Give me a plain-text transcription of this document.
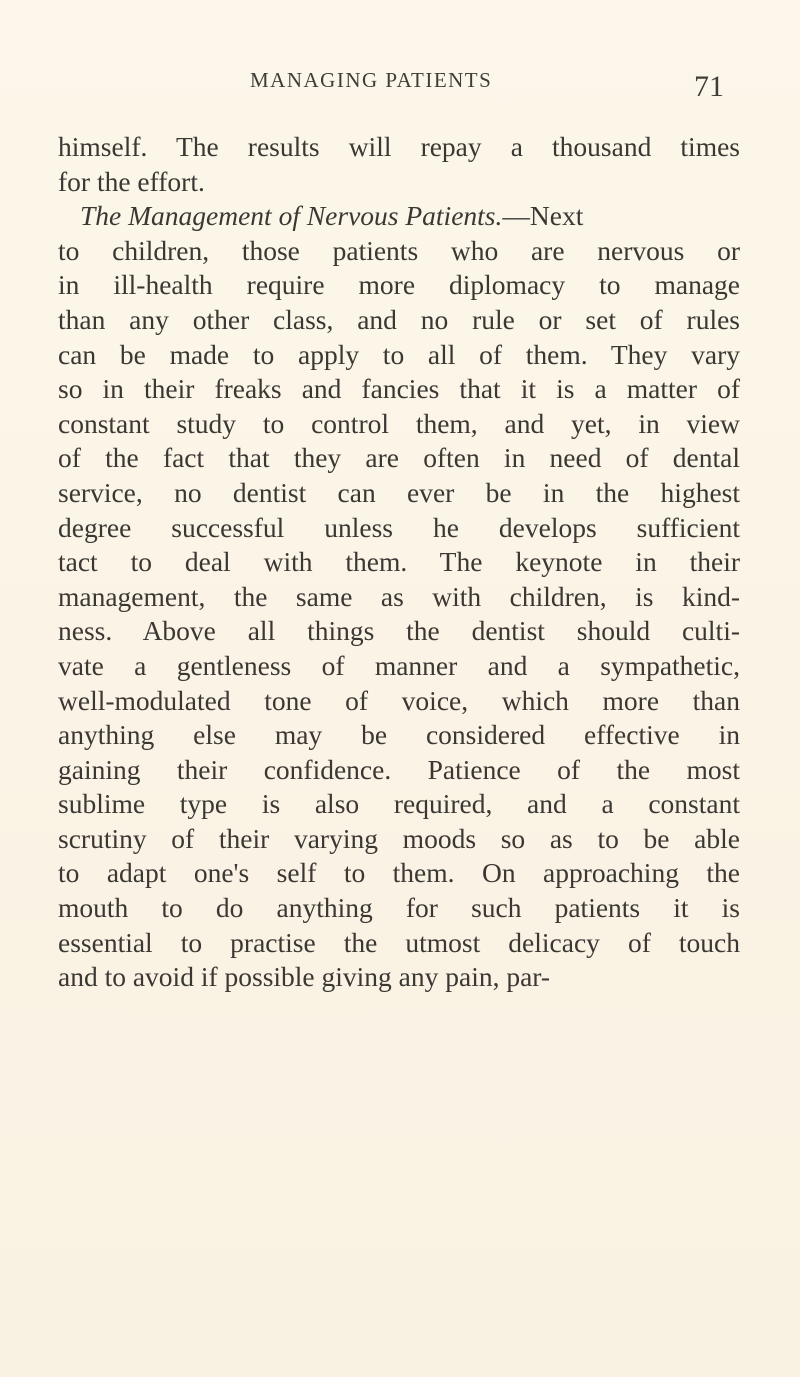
MANAGING PATIENTS	71
himself. The results will repay a thousand times
for the effort.
The Management of Nervous Patients.—Next
to children, those patients who are nervous or
in ill-health require more diplomacy to manage
than any other class, and no rule or set of rules
can be made to apply to all of them. They vary
so in their freaks and fancies that it is a matter of
constant study to control them, and yet, in view
of the fact that they are often in need of dental
service, no dentist can ever be in the highest
degree successful unless he develops sufficient
tact to deal with them. The keynote in their
management, the same as with children, is kind-
ness. Above all things the dentist should culti-
vate a gentleness of manner and a sympathetic,
well-modulated tone of voice, which more than
anything else may be considered effective in
gaining their confidence. Patience of the most
sublime type is also required, and a constant
scrutiny of their varying moods so as to be able
to adapt one's self to them. On approaching the
mouth to do anything for such patients it is
essential to practise the utmost delicacy of touch
and to avoid if possible giving any pain, par-
